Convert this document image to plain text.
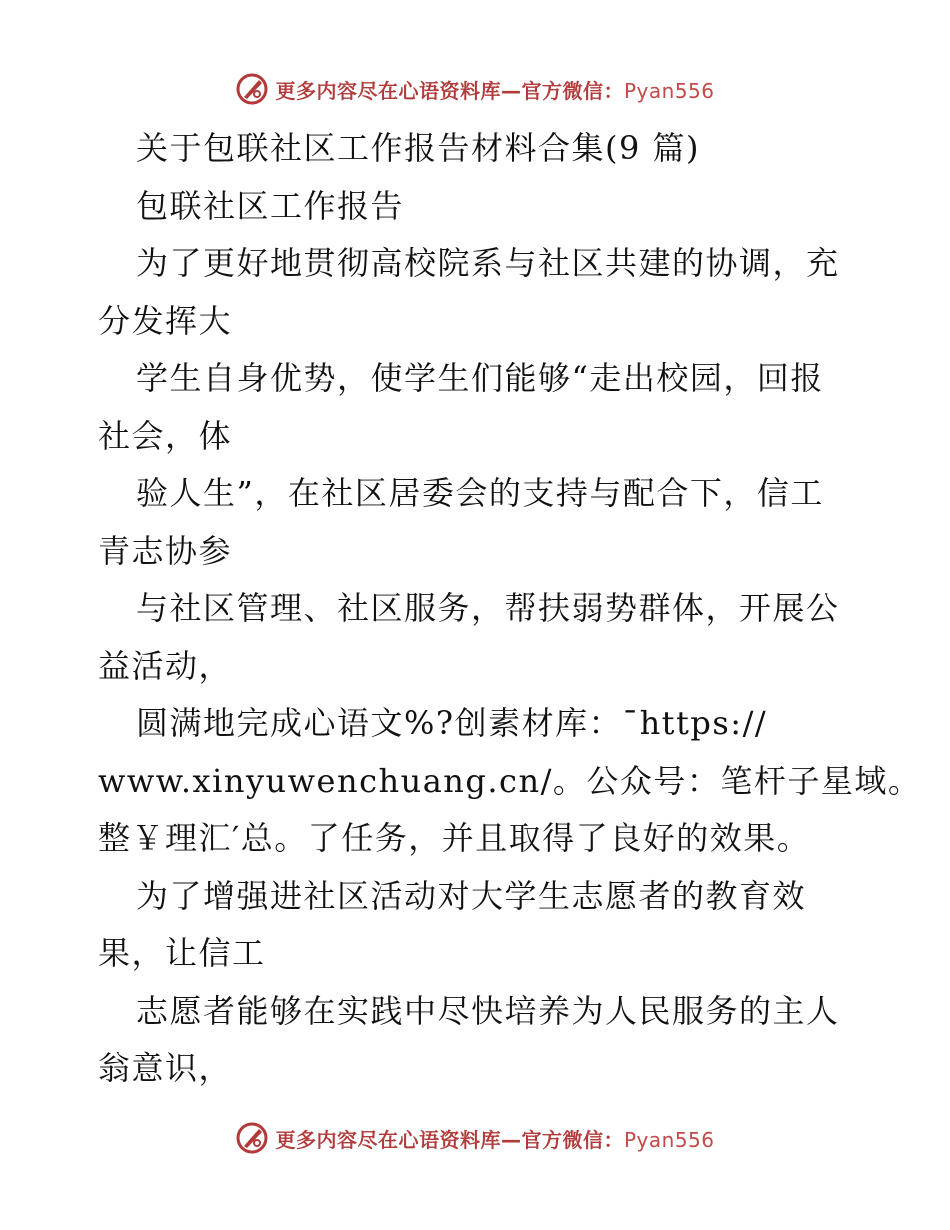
更多内容尽在心语资料库—官方微信：Pyan556
关于包联社区工作报告材料合集(9 篇)
包联社区工作报告
为了更好地贯彻高校院系与社区共建的协调，充
分发挥大
学生自身优势，使学生们能够“走出校园，回报
社会，体
验人生”，在社区居委会的支持与配合下，信工
青志协参
与社区管理、社区服务，帮扶弱势群体，开展公
益活动，
圆满地完成心语文%?创素材库：¯https://
www.xinyuwenchuang.cn/。公众号：笔杆子星域。
整￥理汇′总。了任务，并且取得了良好的效果。
为了增强进社区活动对大学生志愿者的教育效
果，让信工
志愿者能够在实践中尽快培养为人民服务的主人
翁意识，
更多内容尽在心语资料库—官方微信：Pyan556
